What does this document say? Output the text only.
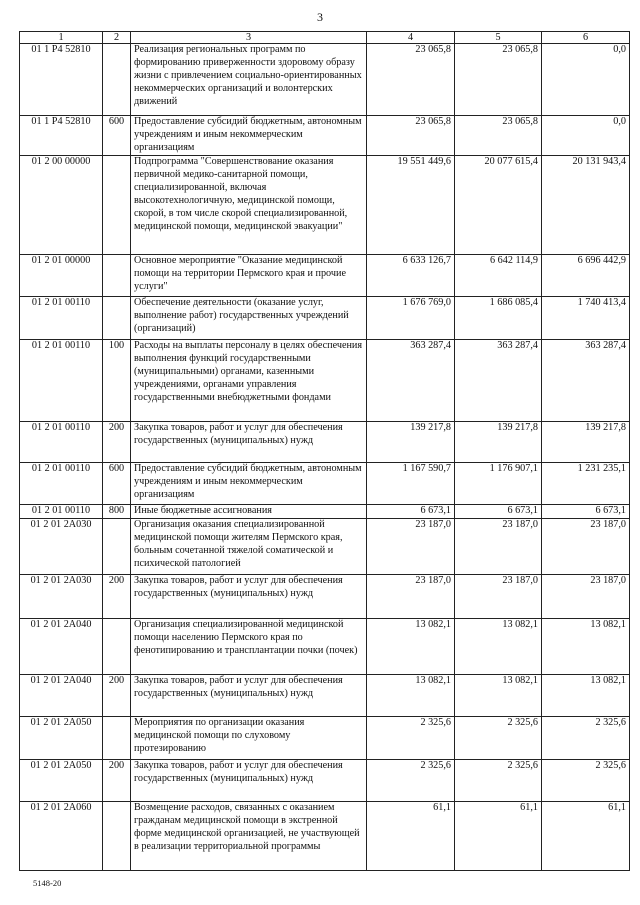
3
1	2	3	4	5	6
01 1 P4 52810		Реализация региональных программ по формированию приверженности здоровому образу жизни с привлечением социально-ориентированных некоммерческих организаций и волонтерских движений	23 065,8	23 065,8	0,0
01 1 P4 52810	600	Предоставление субсидий бюджетным, автономным учреждениям и иным некоммерческим организациям	23 065,8	23 065,8	0,0
01 2 00 00000		Подпрограмма "Совершенствование оказания первичной медико-санитарной помощи, специализированной, включая высокотехнологичную, медицинской помощи, скорой, в том числе скорой специализированной, медицинской помощи, медицинской эвакуации"	19 551 449,6	20 077 615,4	20 131 943,4
01 2 01 00000		Основное мероприятие "Оказание медицинской помощи на территории Пермского края и прочие услуги"	6 633 126,7	6 642 114,9	6 696 442,9
01 2 01 00110		Обеспечение деятельности (оказание услуг, выполнение работ) государственных учреждений (организаций)	1 676 769,0	1 686 085,4	1 740 413,4
01 2 01 00110	100	Расходы на выплаты персоналу в целях обеспечения выполнения функций государственными (муниципальными) органами, казенными учреждениями, органами управления государственными внебюджетными фондами	363 287,4	363 287,4	363 287,4
01 2 01 00110	200	Закупка товаров, работ и услуг для обеспечения государственных (муниципальных) нужд	139 217,8	139 217,8	139 217,8
01 2 01 00110	600	Предоставление субсидий бюджетным, автономным учреждениям и иным некоммерческим организациям	1 167 590,7	1 176 907,1	1 231 235,1
01 2 01 00110	800	Иные бюджетные ассигнования	6 673,1	6 673,1	6 673,1
01 2 01 2А030		Организация оказания специализированной медицинской помощи жителям Пермского края, больным сочетанной тяжелой соматической и психической патологией	23 187,0	23 187,0	23 187,0
01 2 01 2А030	200	Закупка товаров, работ и услуг для обеспечения государственных (муниципальных) нужд	23 187,0	23 187,0	23 187,0
01 2 01 2А040		Организация специализированной медицинской помощи населению Пермского края по фенотипированию и трансплантации почки (почек)	13 082,1	13 082,1	13 082,1
01 2 01 2А040	200	Закупка товаров, работ и услуг для обеспечения государственных (муниципальных) нужд	13 082,1	13 082,1	13 082,1
01 2 01 2А050		Мероприятия по организации оказания медицинской помощи по слуховому протезированию	2 325,6	2 325,6	2 325,6
01 2 01 2А050	200	Закупка товаров, работ и услуг для обеспечения государственных (муниципальных) нужд	2 325,6	2 325,6	2 325,6
01 2 01 2А060		Возмещение расходов, связанных с оказанием гражданам медицинской помощи в экстренной форме медицинской организацией, не участвующей в реализации территориальной программы	61,1	61,1	61,1
5148-20
